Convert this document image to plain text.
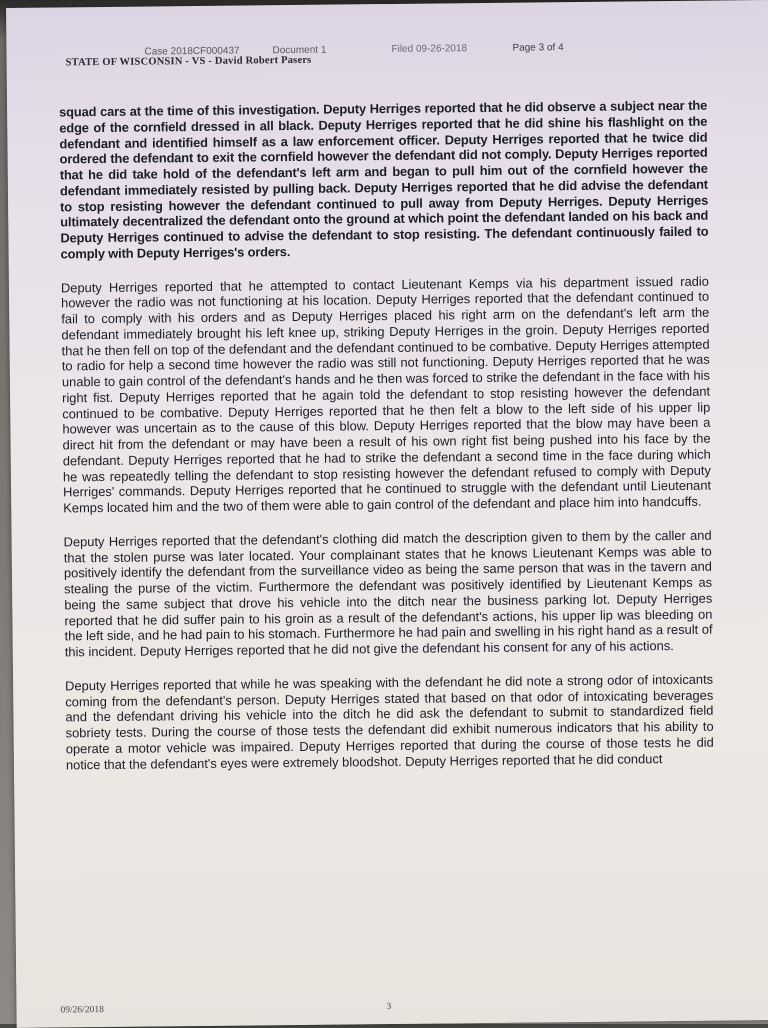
STATE OF WISCONSIN - VS - David Robert Pasers
Case 2018CF000437	Document 1	Filed 09-26-2018	Page 3 of 4

squad cars at the time of this investigation. Deputy Herriges reported that he did observe a subject near the edge of the cornfield dressed in all black. Deputy Herriges reported that he did shine his flashlight on the defendant and identified himself as a law enforcement officer. Deputy Herriges reported that he twice did ordered the defendant to exit the cornfield however the defendant did not comply. Deputy Herriges reported that he did take hold of the defendant's left arm and began to pull him out of the cornfield however the defendant immediately resisted by pulling back. Deputy Herriges reported that he did advise the defendant to stop resisting however the defendant continued to pull away from Deputy Herriges. Deputy Herriges ultimately decentralized the defendant onto the ground at which point the defendant landed on his back and Deputy Herriges continued to advise the defendant to stop resisting. The defendant continuously failed to comply with Deputy Herriges's orders.

Deputy Herriges reported that he attempted to contact Lieutenant Kemps via his department issued radio however the radio was not functioning at his location. Deputy Herriges reported that the defendant continued to fail to comply with his orders and as Deputy Herriges placed his right arm on the defendant's left arm the defendant immediately brought his left knee up, striking Deputy Herriges in the groin. Deputy Herriges reported that he then fell on top of the defendant and the defendant continued to be combative. Deputy Herriges attempted to radio for help a second time however the radio was still not functioning. Deputy Herriges reported that he was unable to gain control of the defendant's hands and he then was forced to strike the defendant in the face with his right fist. Deputy Herriges reported that he again told the defendant to stop resisting however the defendant continued to be combative. Deputy Herriges reported that he then felt a blow to the left side of his upper lip however was uncertain as to the cause of this blow. Deputy Herriges reported that the blow may have been a direct hit from the defendant or may have been a result of his own right fist being pushed into his face by the defendant. Deputy Herriges reported that he had to strike the defendant a second time in the face during which he was repeatedly telling the defendant to stop resisting however the defendant refused to comply with Deputy Herriges' commands. Deputy Herriges reported that he continued to struggle with the defendant until Lieutenant Kemps located him and the two of them were able to gain control of the defendant and place him into handcuffs.

Deputy Herriges reported that the defendant's clothing did match the description given to them by the caller and that the stolen purse was later located. Your complainant states that he knows Lieutenant Kemps was able to positively identify the defendant from the surveillance video as being the same person that was in the tavern and stealing the purse of the victim. Furthermore the defendant was positively identified by Lieutenant Kemps as being the same subject that drove his vehicle into the ditch near the business parking lot. Deputy Herriges reported that he did suffer pain to his groin as a result of the defendant's actions, his upper lip was bleeding on the left side, and he had pain to his stomach. Furthermore he had pain and swelling in his right hand as a result of this incident. Deputy Herriges reported that he did not give the defendant his consent for any of his actions.

Deputy Herriges reported that while he was speaking with the defendant he did note a strong odor of intoxicants coming from the defendant's person. Deputy Herriges stated that based on that odor of intoxicating beverages and the defendant driving his vehicle into the ditch he did ask the defendant to submit to standardized field sobriety tests. During the course of those tests the defendant did exhibit numerous indicators that his ability to operate a motor vehicle was impaired. Deputy Herriges reported that during the course of those tests he did notice that the defendant's eyes were extremely bloodshot. Deputy Herriges reported that he did conduct

09/26/2018	3
